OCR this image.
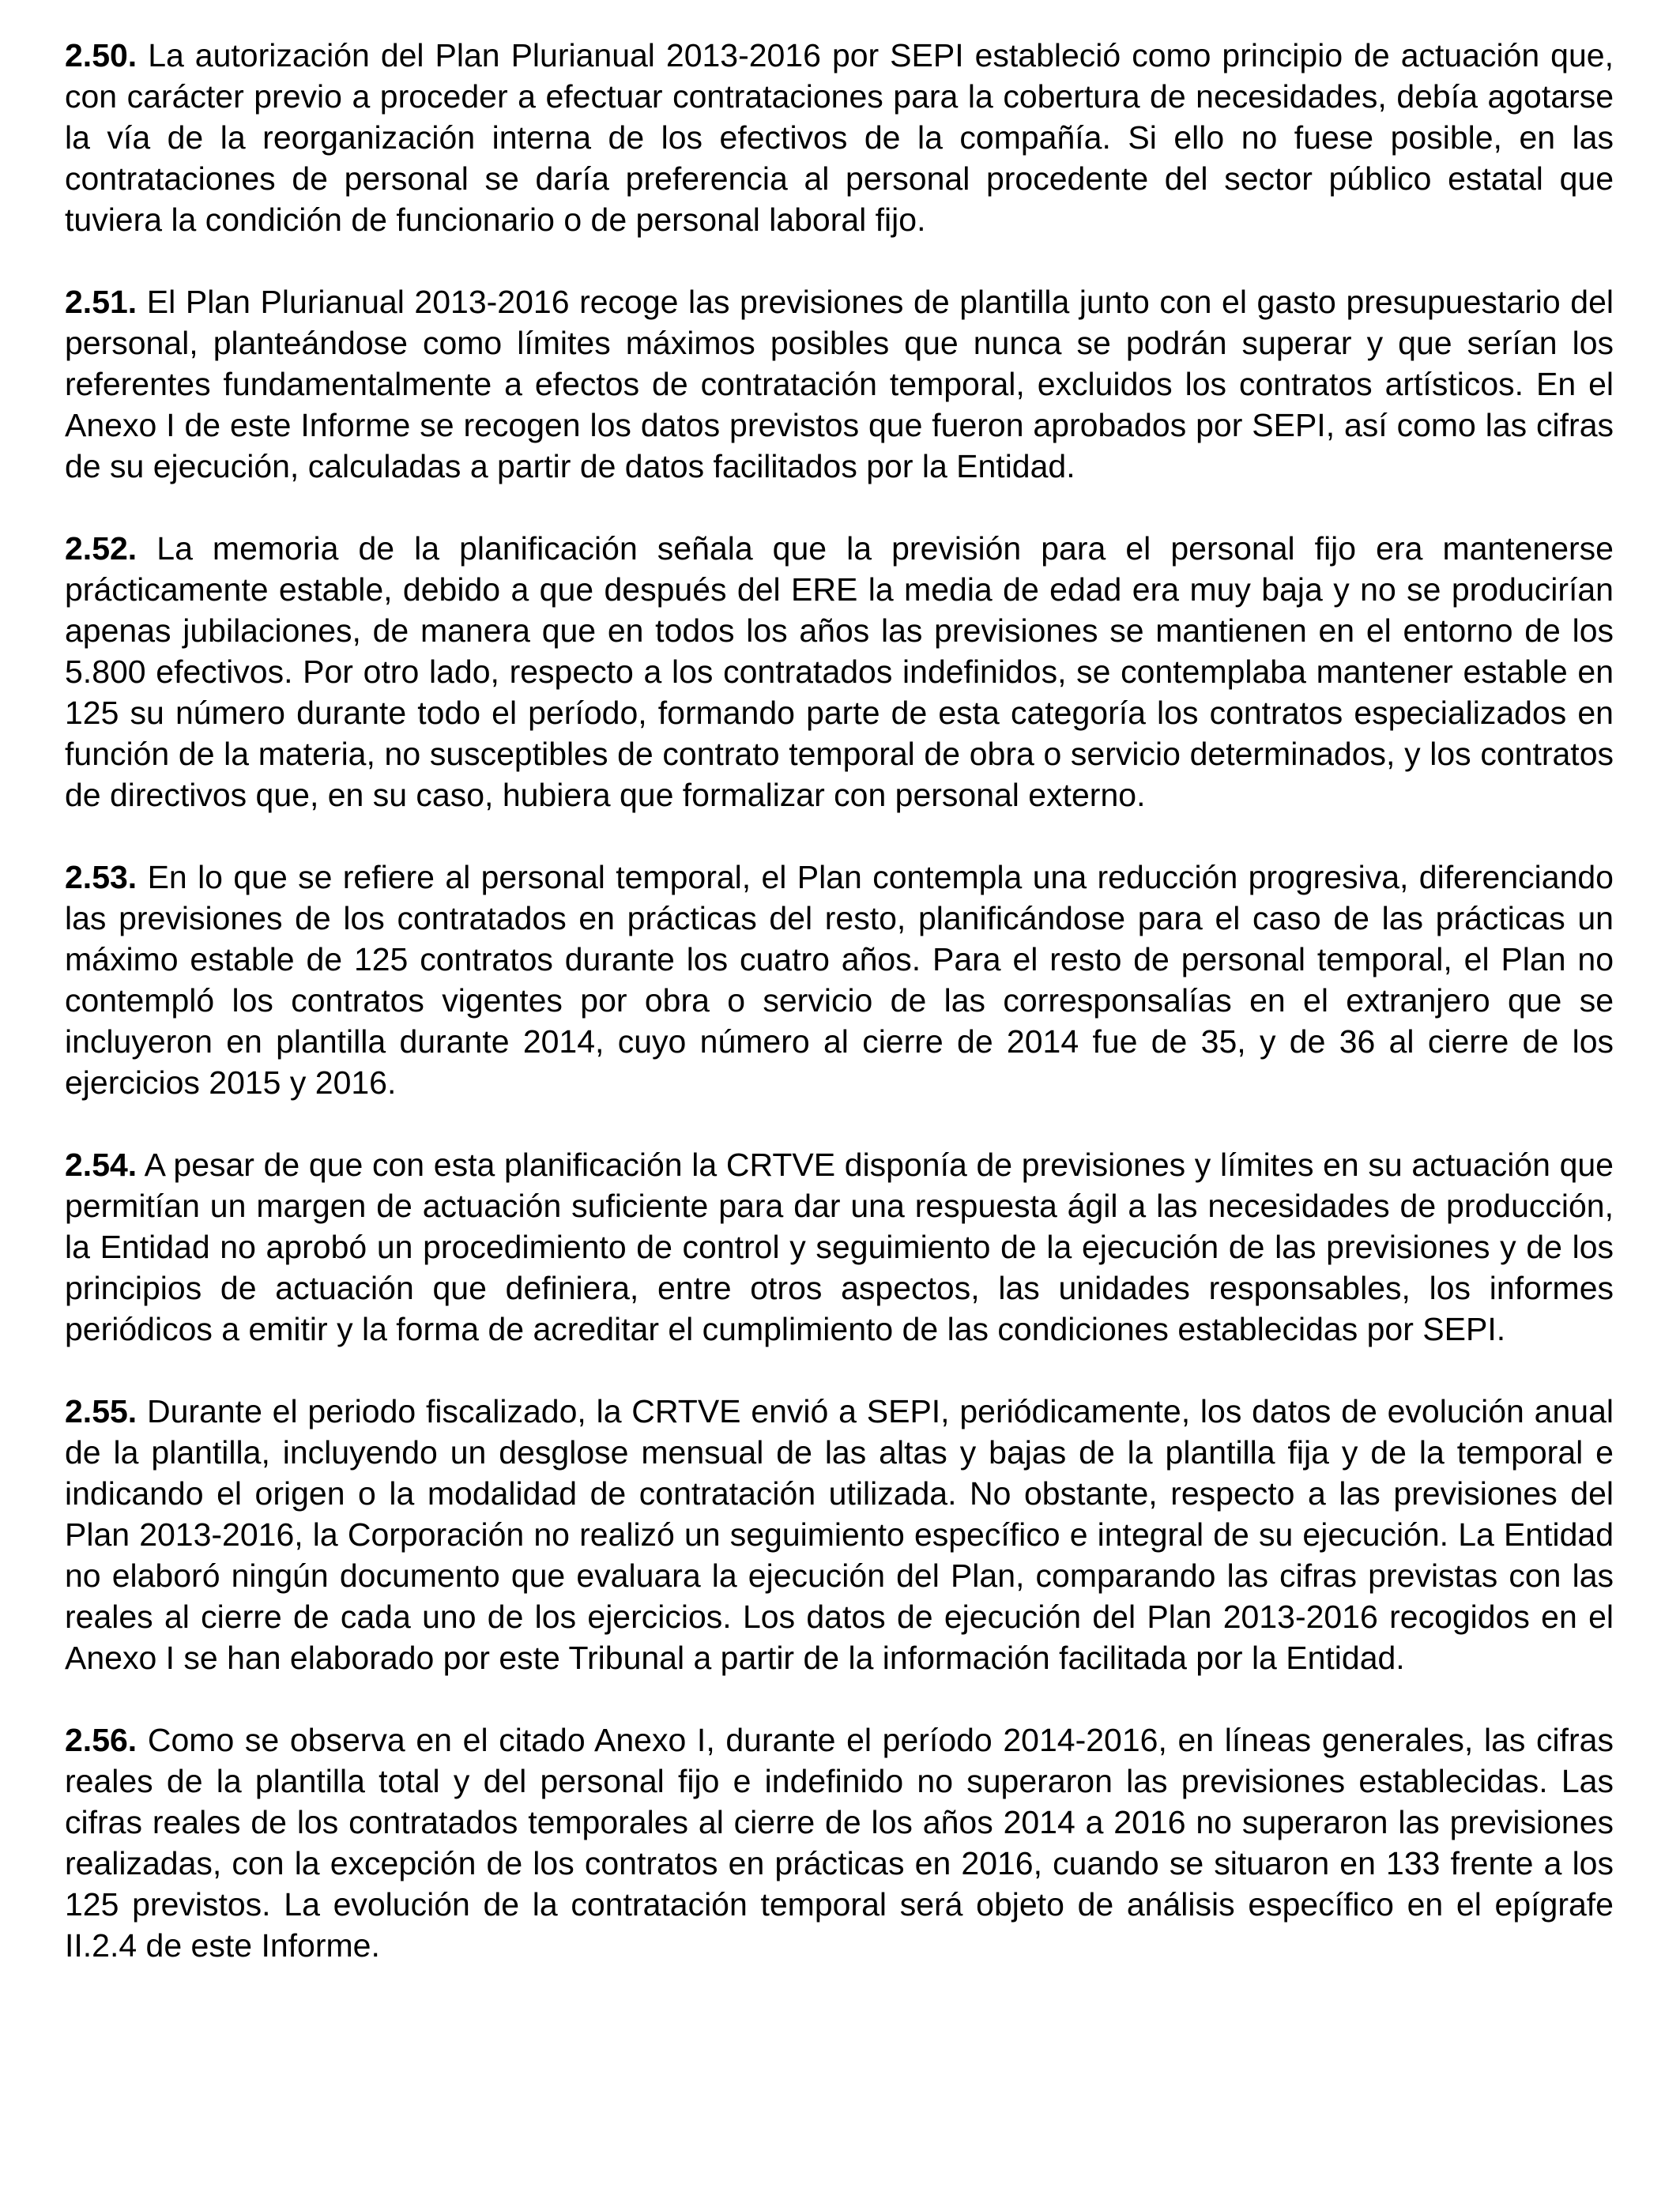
2.50. La autorización del Plan Plurianual 2013-2016 por SEPI estableció como principio de actuación que, con carácter previo a proceder a efectuar contrataciones para la cobertura de necesidades, debía agotarse la vía de la reorganización interna de los efectivos de la compañía. Si ello no fuese posible, en las contrataciones de personal se daría preferencia al personal procedente del sector público estatal que tuviera la condición de funcionario o de personal laboral fijo.

2.51. El Plan Plurianual 2013-2016 recoge las previsiones de plantilla junto con el gasto presupuestario del personal, planteándose como límites máximos posibles que nunca se podrán superar y que serían los referentes fundamentalmente a efectos de contratación temporal, excluidos los contratos artísticos. En el Anexo I de este Informe se recogen los datos previstos que fueron aprobados por SEPI, así como las cifras de su ejecución, calculadas a partir de datos facilitados por la Entidad.

2.52. La memoria de la planificación señala que la previsión para el personal fijo era mantenerse prácticamente estable, debido a que después del ERE la media de edad era muy baja y no se producirían apenas jubilaciones, de manera que en todos los años las previsiones se mantienen en el entorno de los 5.800 efectivos. Por otro lado, respecto a los contratados indefinidos, se contemplaba mantener estable en 125 su número durante todo el período, formando parte de esta categoría los contratos especializados en función de la materia, no susceptibles de contrato temporal de obra o servicio determinados, y los contratos de directivos que, en su caso, hubiera que formalizar con personal externo.

2.53. En lo que se refiere al personal temporal, el Plan contempla una reducción progresiva, diferenciando las previsiones de los contratados en prácticas del resto, planificándose para el caso de las prácticas un máximo estable de 125 contratos durante los cuatro años. Para el resto de personal temporal, el Plan no contempló los contratos vigentes por obra o servicio de las corresponsalías en el extranjero que se incluyeron en plantilla durante 2014, cuyo número al cierre de 2014 fue de 35, y de 36 al cierre de los ejercicios 2015 y 2016.

2.54. A pesar de que con esta planificación la CRTVE disponía de previsiones y límites en su actuación que permitían un margen de actuación suficiente para dar una respuesta ágil a las necesidades de producción, la Entidad no aprobó un procedimiento de control y seguimiento de la ejecución de las previsiones y de los principios de actuación que definiera, entre otros aspectos, las unidades responsables, los informes periódicos a emitir y la forma de acreditar el cumplimiento de las condiciones establecidas por SEPI.

2.55. Durante el periodo fiscalizado, la CRTVE envió a SEPI, periódicamente, los datos de evolución anual de la plantilla, incluyendo un desglose mensual de las altas y bajas de la plantilla fija y de la temporal e indicando el origen o la modalidad de contratación utilizada. No obstante, respecto a las previsiones del Plan 2013-2016, la Corporación no realizó un seguimiento específico e integral de su ejecución. La Entidad no elaboró ningún documento que evaluara la ejecución del Plan, comparando las cifras previstas con las reales al cierre de cada uno de los ejercicios. Los datos de ejecución del Plan 2013-2016 recogidos en el Anexo I se han elaborado por este Tribunal a partir de la información facilitada por la Entidad.

2.56. Como se observa en el citado Anexo I, durante el período 2014-2016, en líneas generales, las cifras reales de la plantilla total y del personal fijo e indefinido no superaron las previsiones establecidas. Las cifras reales de los contratados temporales al cierre de los años 2014 a 2016 no superaron las previsiones realizadas, con la excepción de los contratos en prácticas en 2016, cuando se situaron en 133 frente a los 125 previstos. La evolución de la contratación temporal será objeto de análisis específico en el epígrafe II.2.4 de este Informe.
